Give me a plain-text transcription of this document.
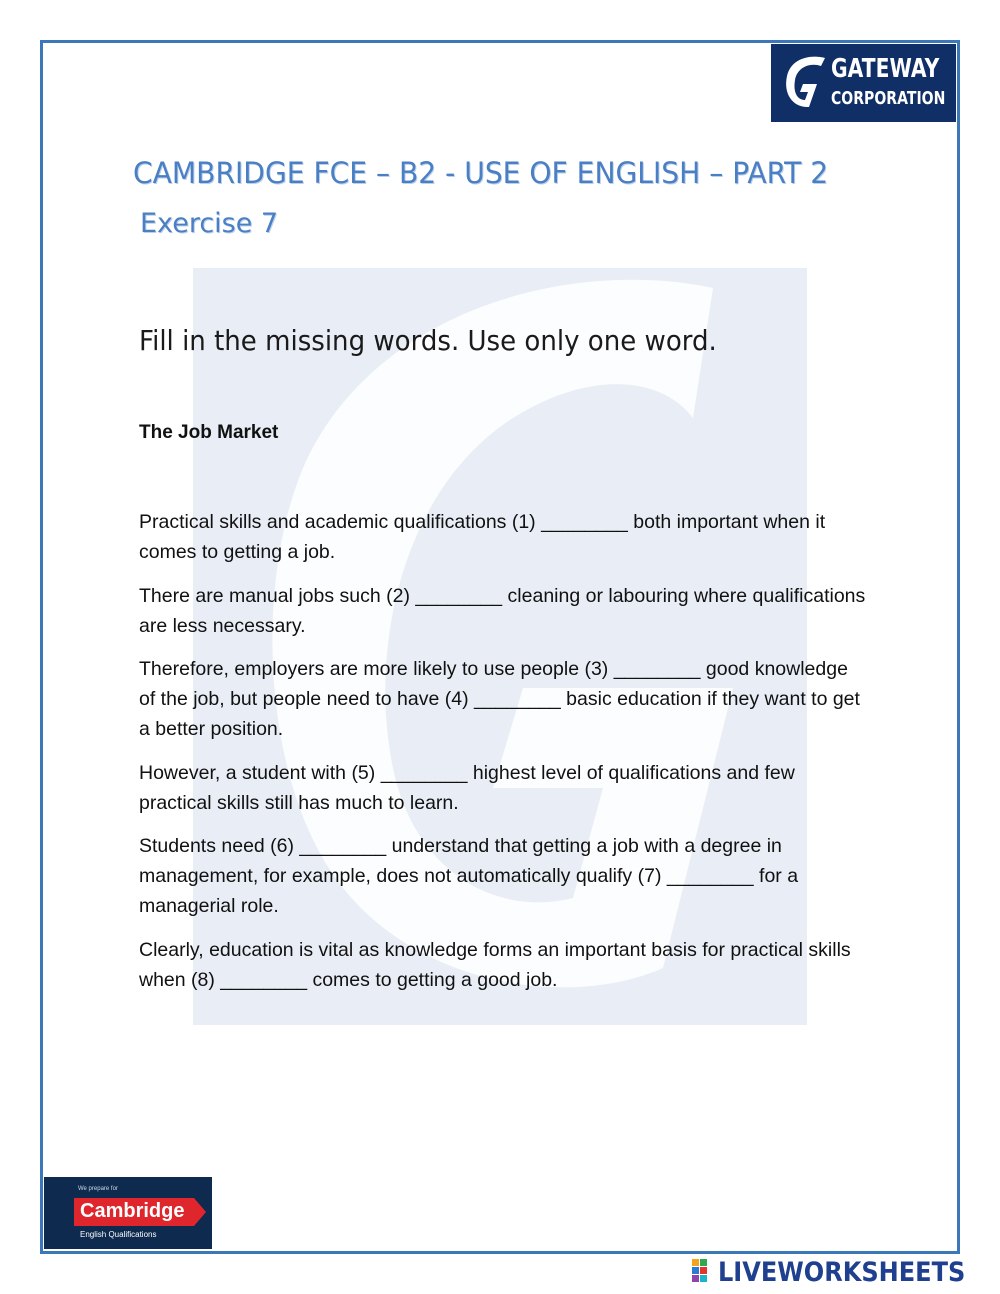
GATEWAY
CORPORATION
CAMBRIDGE FCE – B2 - USE OF ENGLISH – PART 2
Exercise 7

Fill in the missing words. Use only one word.

The Job Market

Practical skills and academic qualifications (1) ________ both important when it comes to getting a job.

There are manual jobs such (2) ________ cleaning or labouring where qualifications are less necessary.

Therefore, employers are more likely to use people (3) ________ good knowledge of the job, but people need to have (4) ________ basic education if they want to get a better position.

However, a student with (5) ________ highest level of qualifications and few practical skills still has much to learn.

Students need (6) ________ understand that getting a job with a degree in management, for example, does not automatically qualify (7) ________ for a managerial role.

Clearly, education is vital as knowledge forms an important basis for practical skills when (8) ________ comes to getting a good job.

We prepare for
Cambridge
English Qualifications
LIVEWORKSHEETS
